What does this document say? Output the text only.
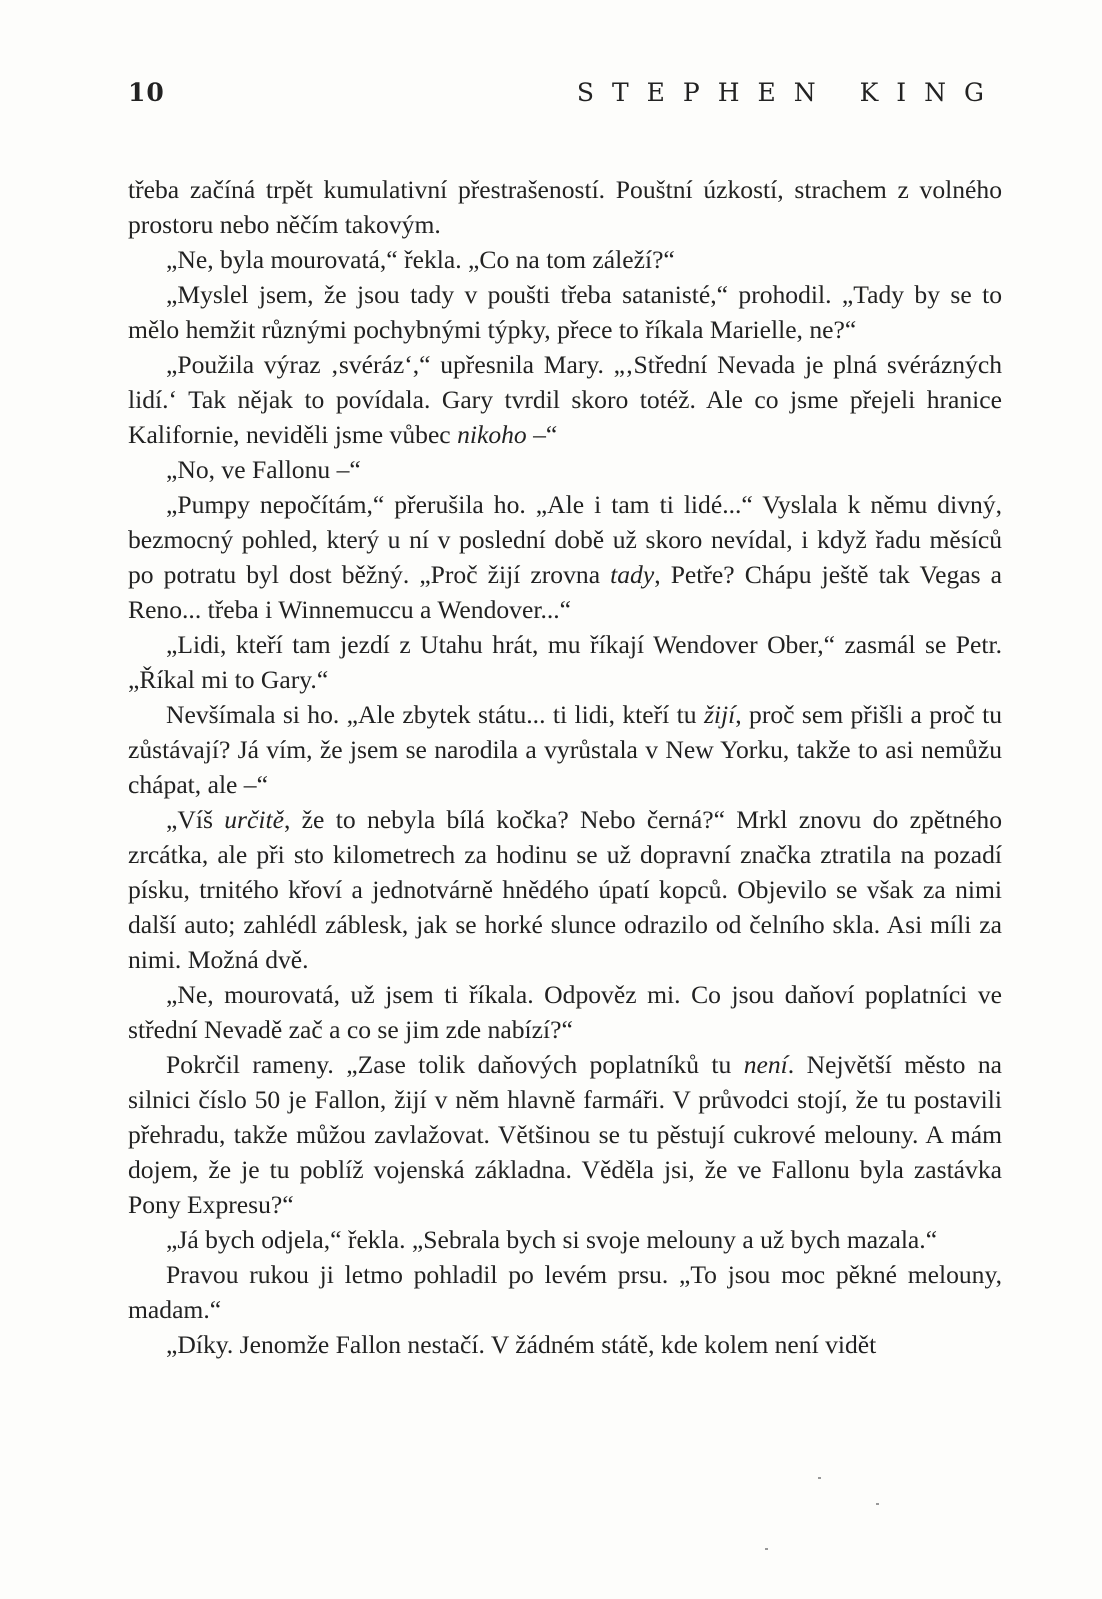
10	STEPHEN KING

třeba začíná trpět kumulativní přestrašeností. Pouštní úzkostí, strachem z volného prostoru nebo něčím takovým.

„Ne, byla mourovatá,“ řekla. „Co na tom záleží?“

„Myslel jsem, že jsou tady v poušti třeba satanisté,“ prohodil. „Tady by se to mělo hemžit různými pochybnými týpky, přece to říkala Marielle, ne?“

„Použila výraz ‚svéráz‘,“ upřesnila Mary. „‚Střední Nevada je plná svérázných lidí.‘ Tak nějak to povídala. Gary tvrdil skoro totéž. Ale co jsme přejeli hranice Kalifornie, neviděli jsme vůbec nikoho –“

„No, ve Fallonu –“

„Pumpy nepočítám,“ přerušila ho. „Ale i tam ti lidé...“ Vyslala k němu divný, bezmocný pohled, který u ní v poslední době už skoro nevídal, i když řadu měsíců po potratu byl dost běžný. „Proč žijí zrovna tady, Petře? Chápu ještě tak Vegas a Reno... třeba i Winnemuccu a Wendover...“

„Lidi, kteří tam jezdí z Utahu hrát, mu říkají Wendover Ober,“ zasmál se Petr. „Říkal mi to Gary.“

Nevšímala si ho. „Ale zbytek státu... ti lidi, kteří tu žijí, proč sem přišli a proč tu zůstávají? Já vím, že jsem se narodila a vyrůstala v New Yorku, takže to asi nemůžu chápat, ale –“

„Víš určitě, že to nebyla bílá kočka? Nebo černá?“ Mrkl znovu do zpětného zrcátka, ale při sto kilometrech za hodinu se už dopravní značka ztratila na pozadí písku, trnitého křoví a jednotvárně hnědého úpatí kopců. Objevilo se však za nimi další auto; zahlédl záblesk, jak se horké slunce odrazilo od čelního skla. Asi míli za nimi. Možná dvě.

„Ne, mourovatá, už jsem ti říkala. Odpověz mi. Co jsou daňoví poplatníci ve střední Nevadě zač a co se jim zde nabízí?“

Pokrčil rameny. „Zase tolik daňových poplatníků tu není. Největší město na silnici číslo 50 je Fallon, žijí v něm hlavně farmáři. V průvodci stojí, že tu postavili přehradu, takže můžou zavlažovat. Většinou se tu pěstují cukrové melouny. A mám dojem, že je tu poblíž vojenská základna. Věděla jsi, že ve Fallonu byla zastávka Pony Expresu?“

„Já bych odjela,“ řekla. „Sebrala bych si svoje melouny a už bych mazala.“

Pravou rukou ji letmo pohladil po levém prsu. „To jsou moc pěkné melouny, madam.“

„Díky. Jenomže Fallon nestačí. V žádném státě, kde kolem není vidět
